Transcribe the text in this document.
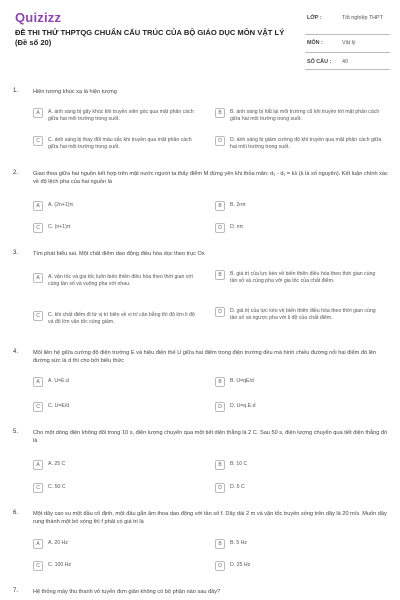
Quizizz
ĐỀ THI THỬ THPTQG CHUẨN CẤU TRÚC CỦA BỘ GIÁO DỤC MÔN VẬT LÝ (Đề số 20)
LỚP :	Tốt nghiệp THPT
MÔN :	Vật lý
SỐ CÂU : 40
1.	Hiện tượng khúc xạ là hiện tượng
A	A. ánh sáng bị gãy khúc khi truyền xiên góc qua mặt phân cách giữa hai môi trường trong suốt.
B	B. ánh sáng bị hắt lại môi trường cũ khi truyền tới mặt phân cách giữa hai môi trường trong suốt.
C	C. ánh sáng bị thay đổi màu sắc khi truyền qua mặt phân cách giữa hai môi trường trong suốt.
D	D. ánh sáng bị giảm cường độ khi truyền qua mặt phân cách giữa hai môi trường trong suốt.
2.	Giao thoa giữa hai nguồn kết hợp trên mặt nước người ta thấy điểm M đứng yên khi thỏa mãn: d₂ - d₁ = kλ (k là số nguyên). Kết luận chính xác về độ lệch pha của hai nguồn là
A	A. (2n+1)π	B	B. 2nπ
C	C. (n+1)π	D	D. nπ
3.	Tìm phát biểu sai. Một chất điểm dao động điều hòa dọc theo trục Ox
A	A. vận tốc và gia tốc luôn biến thiên điều hòa theo thời gian với cùng tần số và vuông pha với nhau.
B	B. giá trị của lực kéo về biến thiên điều hòa theo thời gian cùng tần số và cùng pha với gia tốc của chất điểm.
C	C. khi chất điểm đi từ vị trí biên về vị trí cân bằng thì độ lớn li độ và độ lớn vận tốc cùng giảm.
D	D. giá trị của lực kéo về biến thiên điều hòa theo thời gian cùng tần số và ngược pha với li độ của chất điểm.
4.	Mối liên hệ giữa cường độ điện trường E và hiệu điện thế U giữa hai điểm trong điện trường đều mà hình chiếu đường nối hai điểm đó lên đường sức là d thì cho bởi biểu thức
A	A. U=E.d	B	B. U=qE/d
C	C. U=E/d	D	D. U=q.E.d
5.	Cho một dòng điện không đổi trong 10 s, điện lượng chuyển qua một tiết diện thẳng là 2 C. Sau 50 s, điện lượng chuyển qua tiết diện thẳng đó là
A	A. 25 C	B	B. 10 C
C	C. 50 C	D	D. 5 C
6.	Một dây cao su một đầu cố định, một đầu gắn âm thoa dao động với tần số f. Dây dài 2 m và vận tốc truyền sóng trên dây là 20 m/s. Muốn dây rung thành một bó sóng thì f phải có giá trị là
A	A. 20 Hz	B	B. 5 Hz
C	C. 100 Hz	D	D. 25 Hz
7.	Hệ thống máy thu thanh vô tuyến đơn giản không có bộ phận nào sau đây?
